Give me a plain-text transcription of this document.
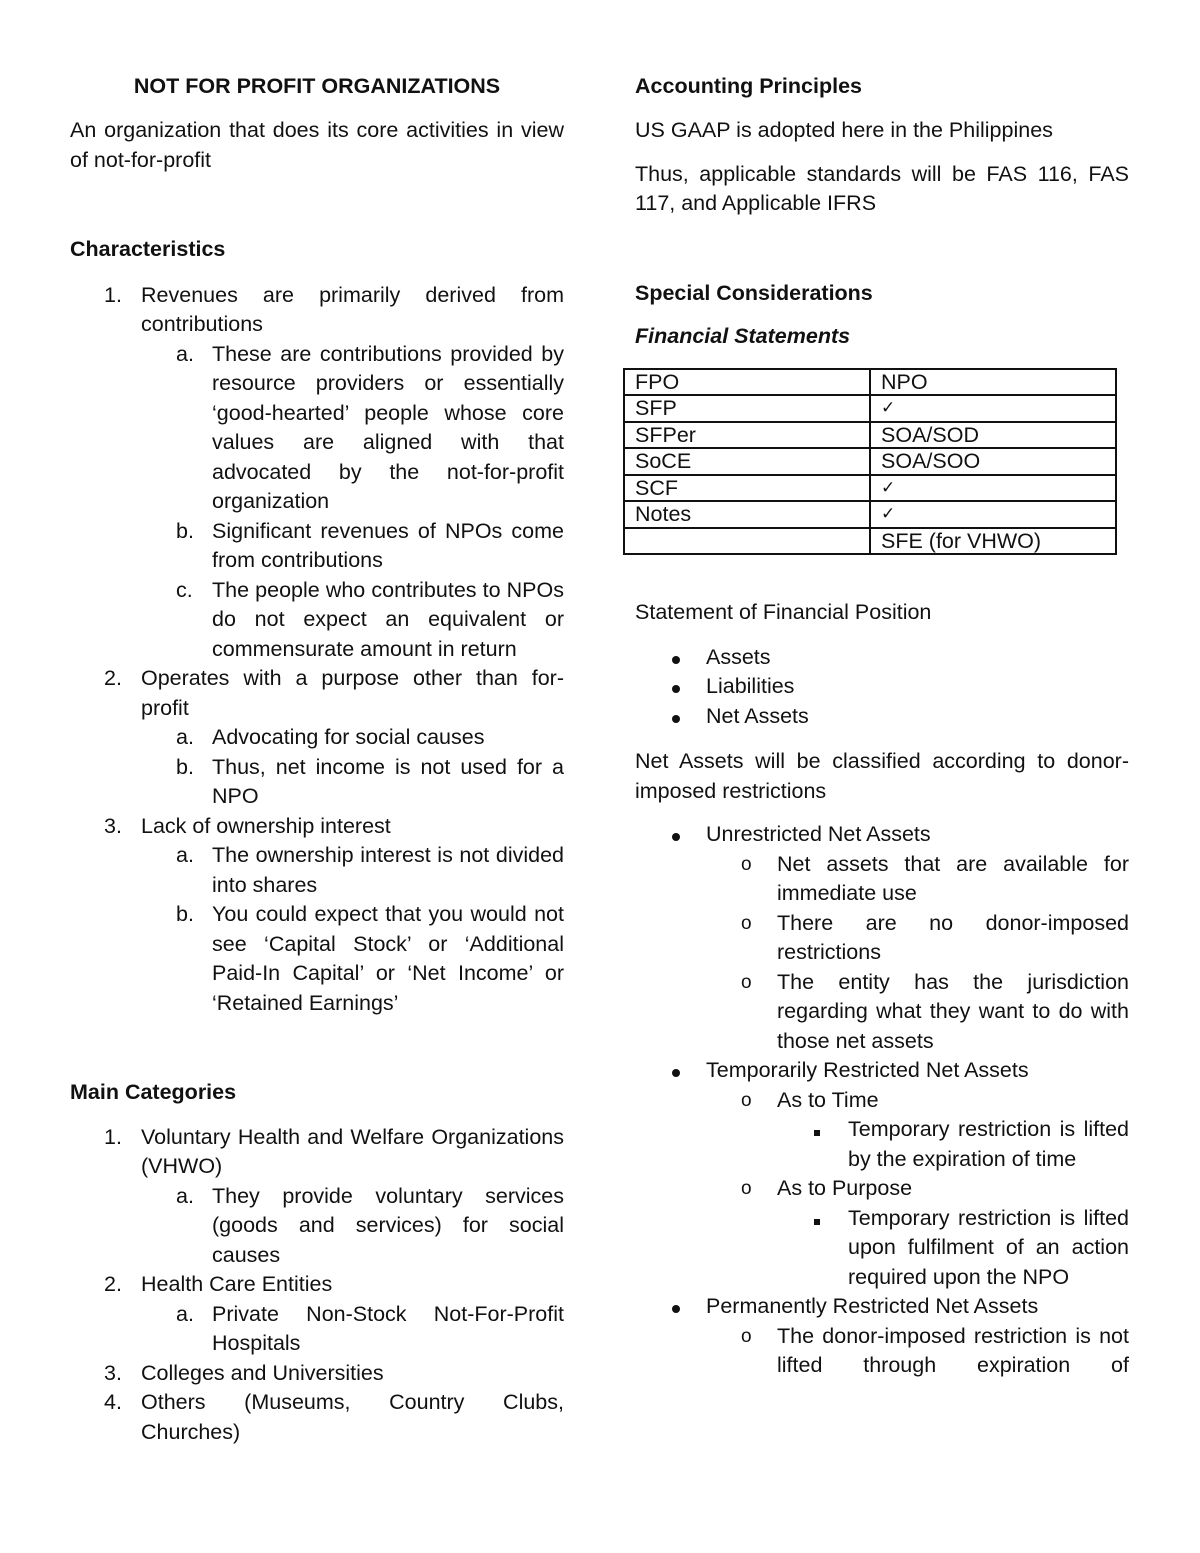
NOT FOR PROFIT ORGANIZATIONS

An organization that does its core activities in view of not-for-profit

Characteristics

1. Revenues are primarily derived from contributions
a. These are contributions provided by resource providers or essentially ‘good-hearted’ people whose core values are aligned with that advocated by the not-for-profit organization
b. Significant revenues of NPOs come from contributions
c. The people who contributes to NPOs do not expect an equivalent or commensurate amount in return
2. Operates with a purpose other than for-profit
a. Advocating for social causes
b. Thus, net income is not used for a NPO
3. Lack of ownership interest
a. The ownership interest is not divided into shares
b. You could expect that you would not see ‘Capital Stock’ or ‘Additional Paid-In Capital’ or ‘Net Income’ or ‘Retained Earnings’

Main Categories

1. Voluntary Health and Welfare Organizations (VHWO)
a. They provide voluntary services (goods and services) for social causes
2. Health Care Entities
a. Private Non-Stock Not-For-Profit Hospitals
3. Colleges and Universities
4. Others (Museums, Country Clubs, Churches)

Accounting Principles

US GAAP is adopted here in the Philippines

Thus, applicable standards will be FAS 116, FAS 117, and Applicable IFRS

Special Considerations

Financial Statements

FPO	NPO
SFP	✓
SFPer	SOA/SOD
SoCE	SOA/SOO
SCF	✓
Notes	✓
	SFE (for VHWO)

Statement of Financial Position

Assets
Liabilities
Net Assets

Net Assets will be classified according to donor-imposed restrictions

Unrestricted Net Assets
o Net assets that are available for immediate use
o There are no donor-imposed restrictions
o The entity has the jurisdiction regarding what they want to do with those net assets
Temporarily Restricted Net Assets
o As to Time
Temporary restriction is lifted by the expiration of time
o As to Purpose
Temporary restriction is lifted upon fulfilment of an action required upon the NPO
Permanently Restricted Net Assets
o The donor-imposed restriction is not lifted through expiration of
